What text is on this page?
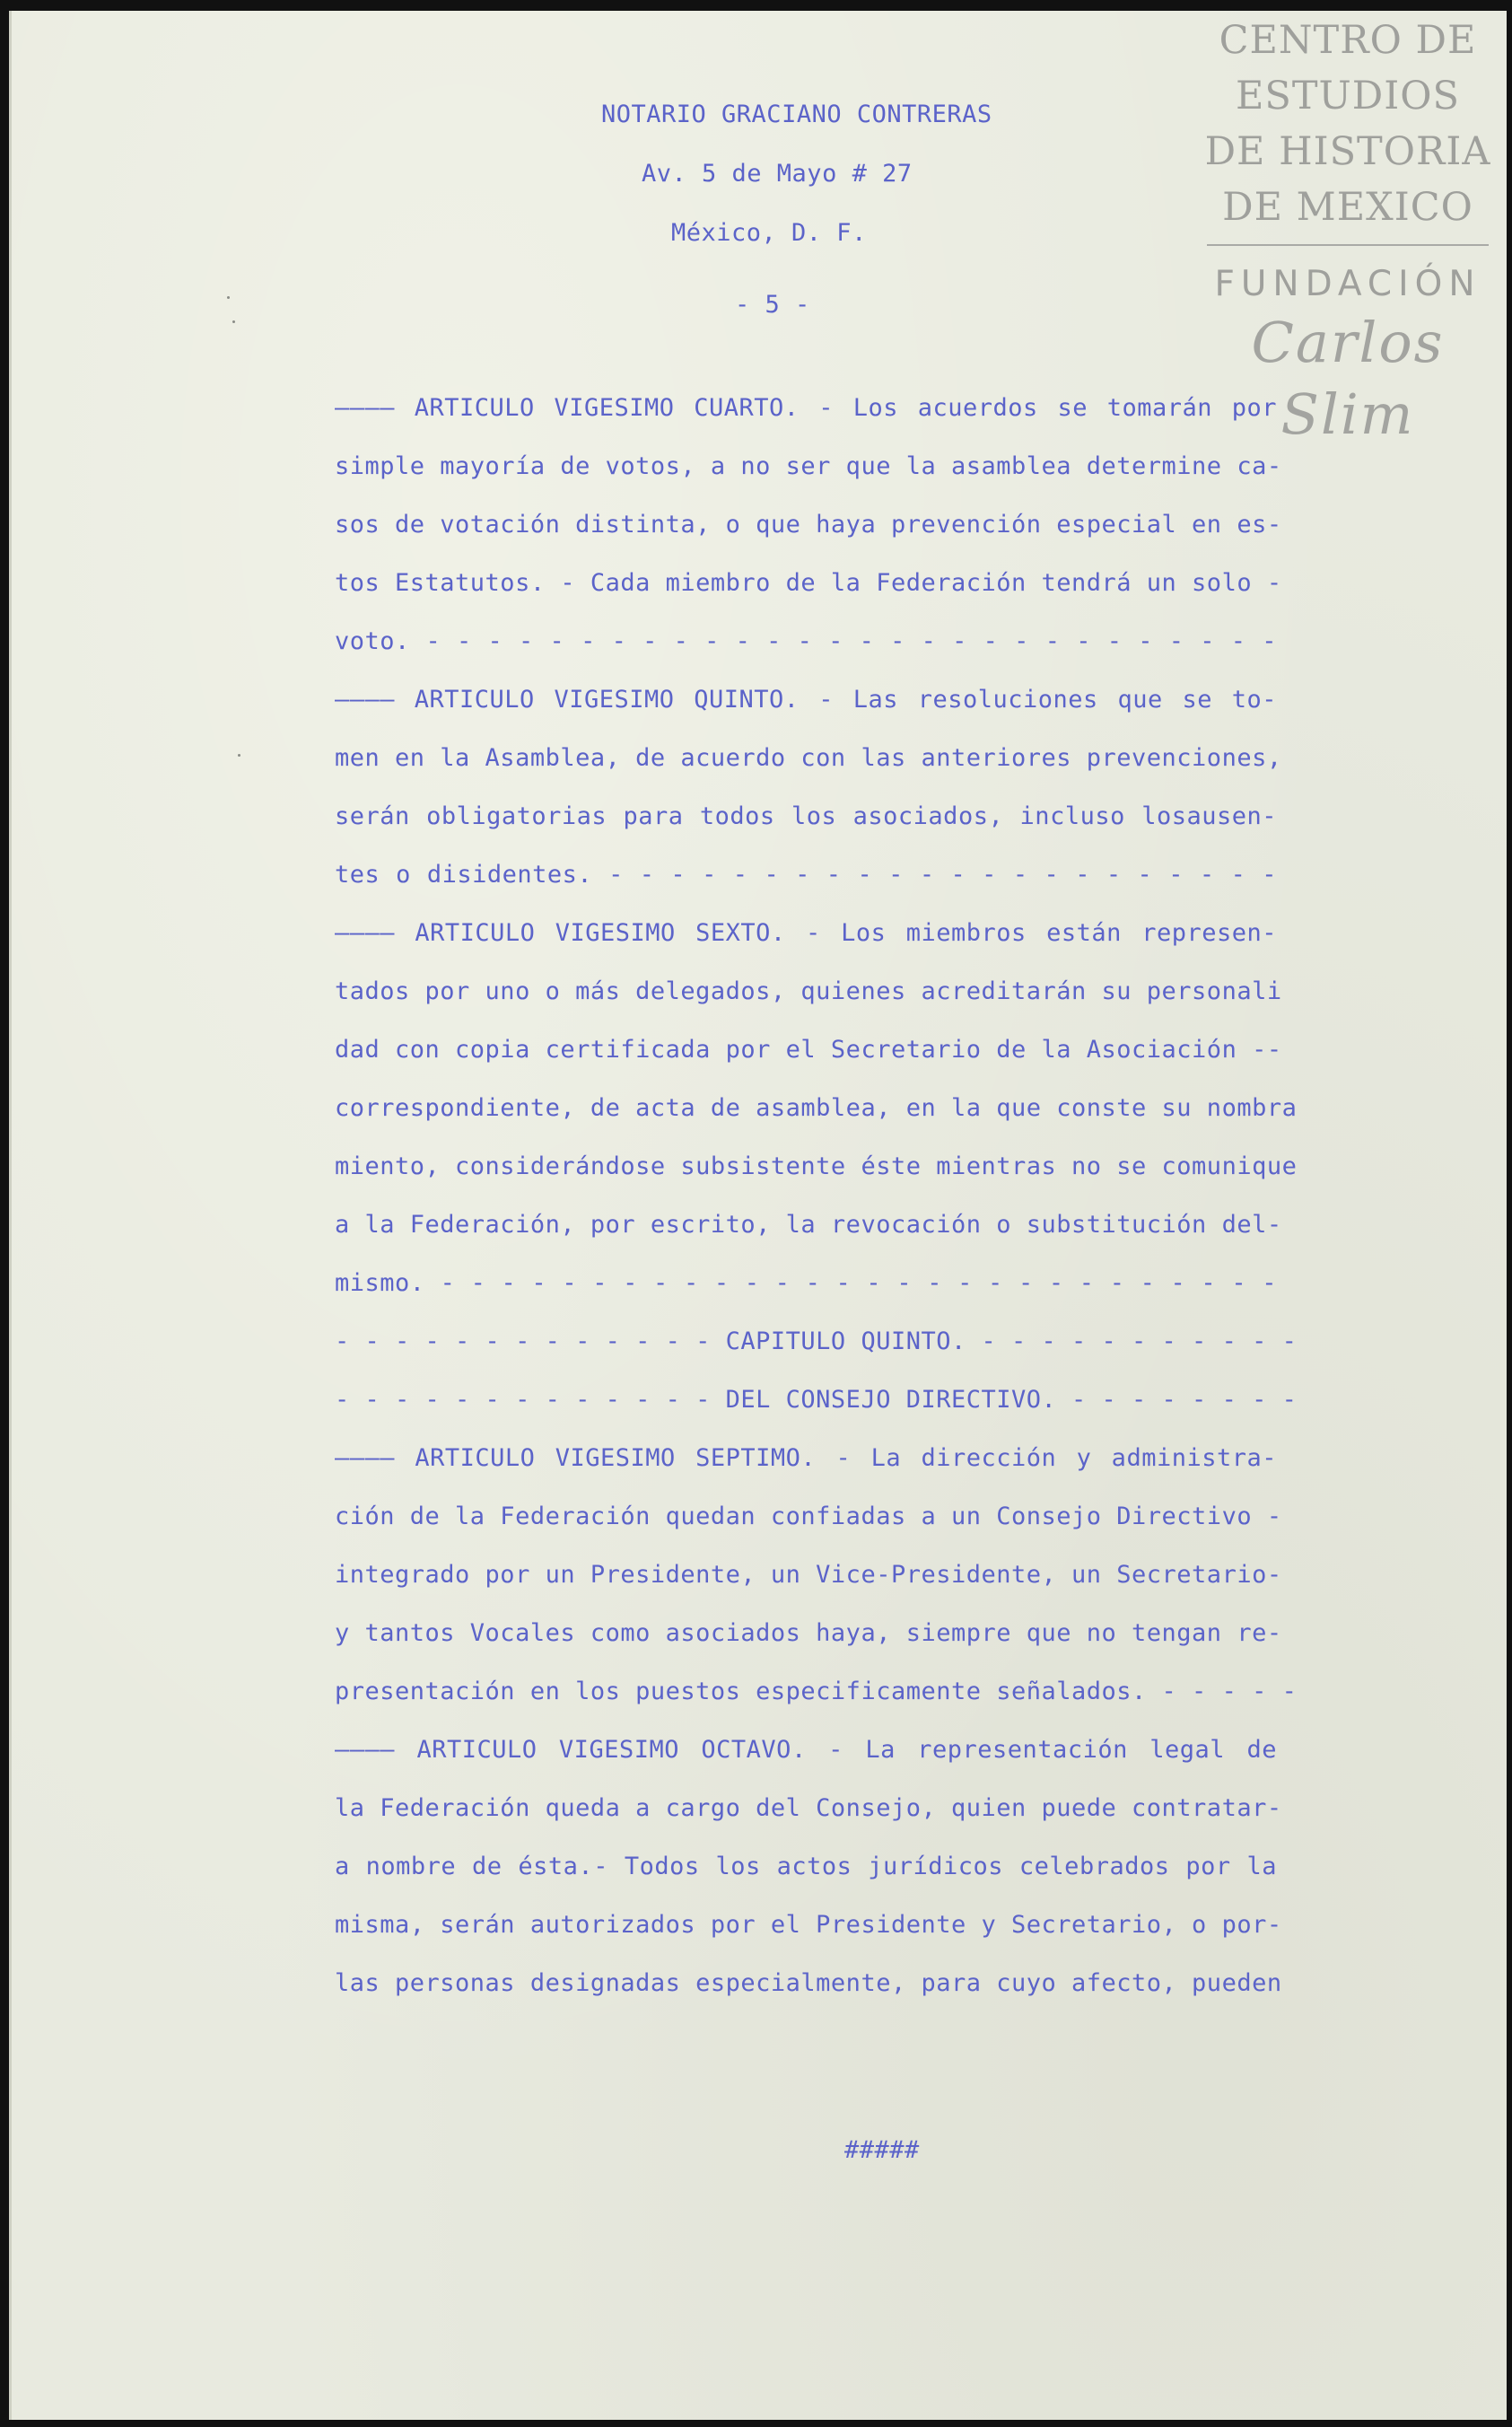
NOTARIO GRACIANO CONTRERAS
Av. 5 de Mayo # 27
México, D. F.
- 5 -
———— ARTICULO VIGESIMO CUARTO. - Los acuerdos se tomarán por
simple mayoría de votos, a no ser que la asamblea determine ca-
sos de votación distinta, o que haya prevención especial en es-
tos Estatutos. - Cada miembro de la Federación tendrá un solo -
voto. - - - - - - - - - - - - - - - - - - - - - - - - - - - -
———— ARTICULO VIGESIMO QUINTO. - Las resoluciones que se to-
men en la Asamblea, de acuerdo con las anteriores prevenciones,
serán obligatorias para todos los asociados, incluso losausen-
tes o disidentes. - - - - - - - - - - - - - - - - - - - - - -
———— ARTICULO VIGESIMO SEXTO. - Los miembros están represen-
tados por uno o más delegados, quienes acreditarán su personali
dad con copia certificada por el Secretario de la Asociación --
correspondiente, de acta de asamblea, en la que conste su nombra
miento, considerándose subsistente éste mientras no se comunique
a la Federación, por escrito, la revocación o substitución del-
mismo. - - - - - - - - - - - - - - - - - - - - - - - - - - - -
- - - - - - - - - - - - - CAPITULO QUINTO. - - - - - - - - - - -
- - - - - - - - - - - - - DEL CONSEJO DIRECTIVO. - - - - - - - -
———— ARTICULO VIGESIMO SEPTIMO. - La dirección y administra-
ción de la Federación quedan confiadas a un Consejo Directivo -
integrado por un Presidente, un Vice-Presidente, un Secretario-
y tantos Vocales como asociados haya, siempre que no tengan re-
presentación en los puestos especificamente señalados. - - - - -
———— ARTICULO VIGESIMO OCTAVO. - La representación legal de
la Federación queda a cargo del Consejo, quien puede contratar-
a nombre de ésta.- Todos los actos jurídicos celebrados por la
misma, serán autorizados por el Presidente y Secretario, o por-
las personas designadas especialmente, para cuyo afecto, pueden
#####
CENTRO DE
ESTUDIOS
DE HISTORIA
DE MEXICO
FUNDACIÓN
Carlos Slim
